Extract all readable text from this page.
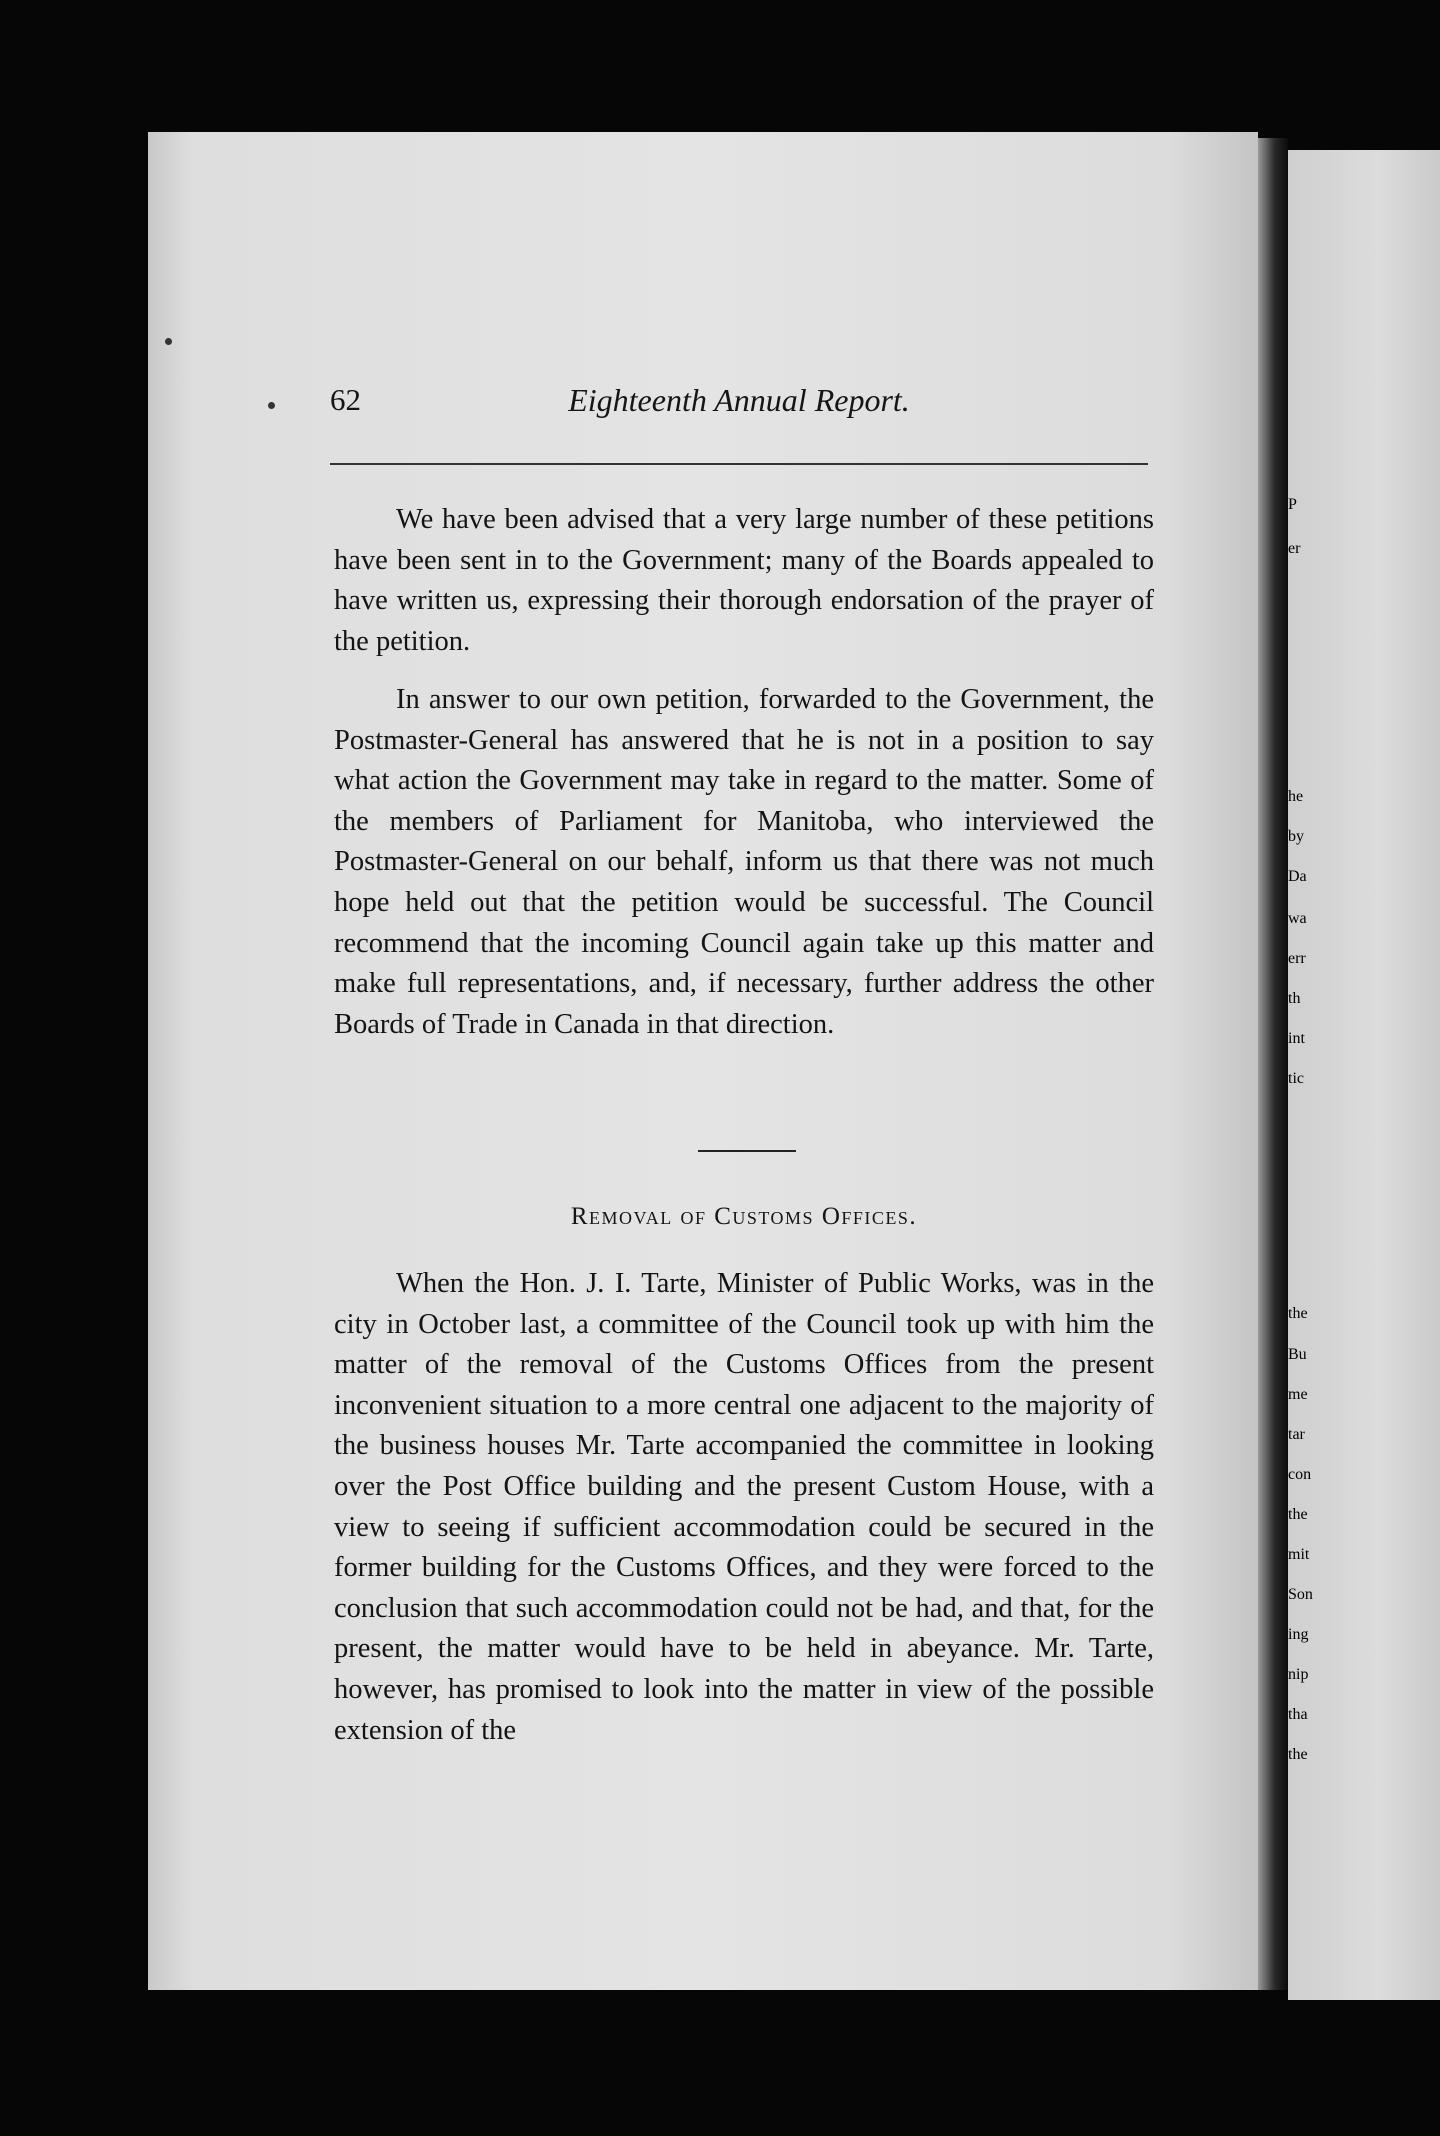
P
er
he
by
Da
wa
err
th
int
tic
the
Bu
me
tar
con
the
mit
Son
ing
nip
tha
the
62	Eighteenth Annual Report.

We have been advised that a very large number of these petitions have been sent in to the Government; many of the Boards appealed to have written us, expressing their thorough endorsation of the prayer of the petition.

In answer to our own petition, forwarded to the Government, the Postmaster-General has answered that he is not in a position to say what action the Government may take in regard to the matter. Some of the members of Parliament for Manitoba, who interviewed the Postmaster-General on our behalf, inform us that there was not much hope held out that the petition would be successful. The Council recommend that the incoming Council again take up this matter and make full representations, and, if necessary, further address the other Boards of Trade in Canada in that direction.

Removal of Customs Offices.

When the Hon. J. I. Tarte, Minister of Public Works, was in the city in October last, a committee of the Council took up with him the matter of the removal of the Customs Offices from the present inconvenient situation to a more central one adjacent to the majority of the business houses Mr. Tarte accompanied the committee in looking over the Post Office building and the present Custom House, with a view to seeing if sufficient accommodation could be secured in the former building for the Customs Offices, and they were forced to the conclusion that such accommodation could not be had, and that, for the present, the matter would have to be held in abeyance. Mr. Tarte, however, has promised to look into the matter in view of the possible extension of the
